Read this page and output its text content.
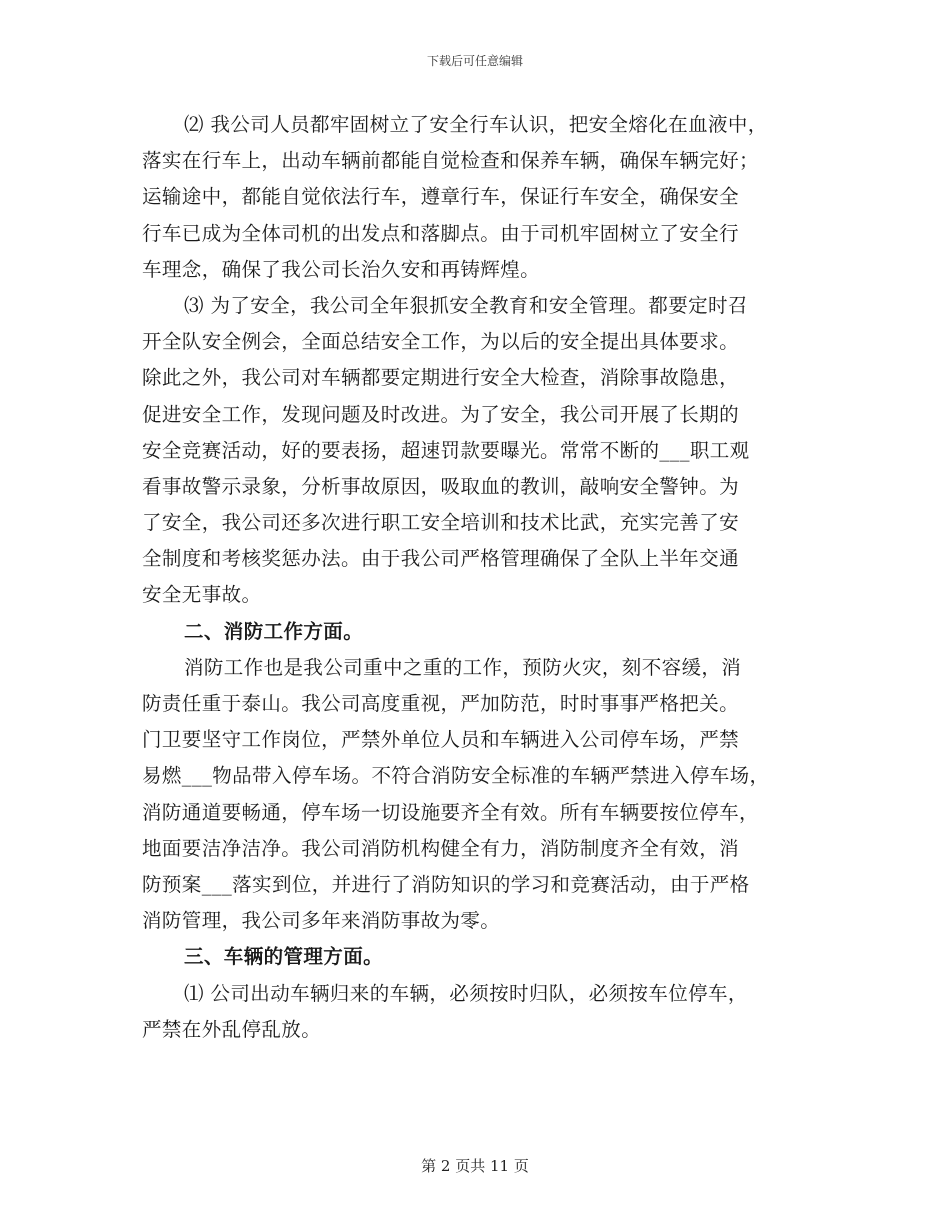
下载后可任意编辑
⑵ 我公司人员都牢固树立了安全行车认识，把安全熔化在血液中，
落实在行车上，出动车辆前都能自觉检查和保养车辆，确保车辆完好；
运输途中，都能自觉依法行车，遵章行车，保证行车安全，确保安全
行车已成为全体司机的出发点和落脚点。由于司机牢固树立了安全行
车理念，确保了我公司长治久安和再铸辉煌。
⑶ 为了安全，我公司全年狠抓安全教育和安全管理。都要定时召
开全队安全例会，全面总结安全工作，为以后的安全提出具体要求。
除此之外，我公司对车辆都要定期进行安全大检查，消除事故隐患，
促进安全工作，发现问题及时改进。为了安全，我公司开展了长期的
安全竞赛活动，好的要表扬，超速罚款要曝光。常常不断的___职工观
看事故警示录象，分析事故原因，吸取血的教训，敲响安全警钟。为
了安全，我公司还多次进行职工安全培训和技术比武，充实完善了安
全制度和考核奖惩办法。由于我公司严格管理确保了全队上半年交通
安全无事故。
二、消防工作方面。
消防工作也是我公司重中之重的工作，预防火灾，刻不容缓，消
防责任重于泰山。我公司高度重视，严加防范，时时事事严格把关。
门卫要坚守工作岗位，严禁外单位人员和车辆进入公司停车场，严禁
易燃___物品带入停车场。不符合消防安全标准的车辆严禁进入停车场，
消防通道要畅通，停车场一切设施要齐全有效。所有车辆要按位停车，
地面要洁净洁净。我公司消防机构健全有力，消防制度齐全有效，消
防预案___落实到位，并进行了消防知识的学习和竞赛活动，由于严格
消防管理，我公司多年来消防事故为零。
三、车辆的管理方面。
⑴ 公司出动车辆归来的车辆，必须按时归队，必须按车位停车，
严禁在外乱停乱放。
第 2 页共 11 页
